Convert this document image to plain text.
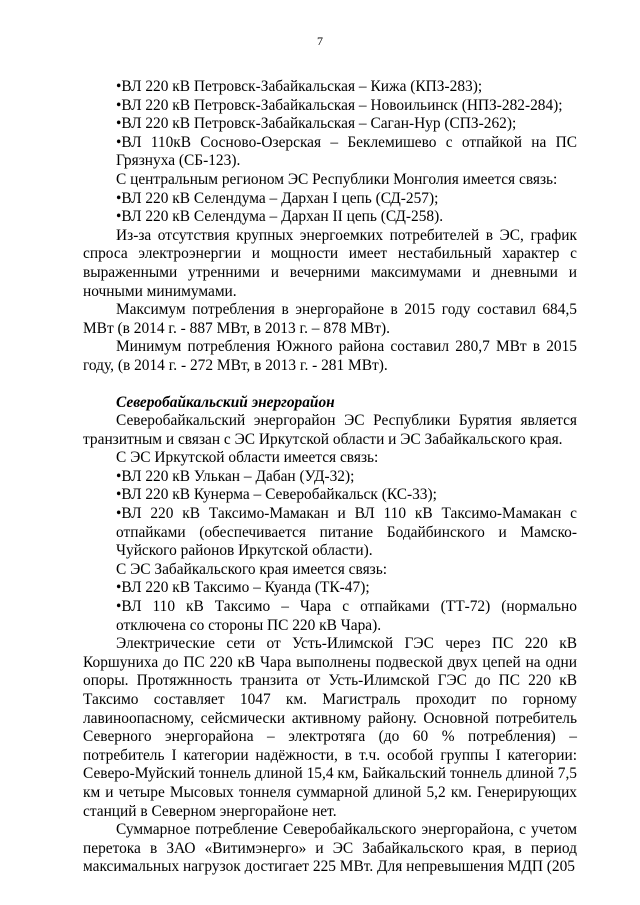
7
•ВЛ 220 кВ Петровск-Забайкальская – Кижа (КПЗ-283);
•ВЛ 220 кВ Петровск-Забайкальская – Новоильинск (НПЗ-282-284);
•ВЛ 220 кВ Петровск-Забайкальская – Саган-Нур (СПЗ-262);
•ВЛ 110кВ Сосново-Озерская – Беклемишево с отпайкой на ПС Грязнуха (СБ-123).
С центральным регионом ЭС Республики Монголия имеется связь:
•ВЛ 220 кВ Селендума – Дархан I цепь (СД-257);
•ВЛ 220 кВ Селендума – Дархан II цепь (СД-258).
Из-за отсутствия крупных энергоемких потребителей в ЭС, график спроса электроэнергии и мощности имеет нестабильный характер с выраженными утренними и вечерними максимумами и дневными и ночными минимумами.
Максимум потребления в энергорайоне в 2015 году составил 684,5 МВт (в 2014 г. - 887 МВт, в 2013 г. – 878 МВт).
Минимум потребления Южного района составил 280,7 МВт в 2015 году, (в 2014 г. - 272 МВт, в 2013 г. - 281 МВт).
Северобайкальский энергорайон
Северобайкальский энергорайон ЭС Республики Бурятия является транзитным и связан с ЭС Иркутской области и ЭС Забайкальского края.
С ЭС Иркутской области имеется связь:
•ВЛ 220 кВ Улькан – Дабан (УД-32);
•ВЛ 220 кВ Кунерма – Северобайкальск (КС-33);
•ВЛ 220 кВ Таксимо-Мамакан и ВЛ 110 кВ Таксимо-Мамакан с отпайками (обеспечивается питание Бодайбинского и Мамско-Чуйского районов Иркутской области).
С ЭС Забайкальского края имеется связь:
•ВЛ 220 кВ Таксимо – Куанда (ТК-47);
•ВЛ 110 кВ Таксимо – Чара с отпайками (ТТ-72) (нормально отключена со стороны ПС 220 кВ Чара).
Электрические сети от Усть-Илимской ГЭС через ПС 220 кВ Коршуниха до ПС 220 кВ Чара выполнены подвеской двух цепей на одни опоры. Протяжнность транзита от Усть-Илимской ГЭС до ПС 220 кВ Таксимо составляет 1047 км. Магистраль проходит по горному лавиноопасному, сейсмически активному району. Основной потребитель Северного энергорайона – электротяга (до 60 % потребления) – потребитель I категории надёжности, в т.ч. особой группы I категории: Северо-Муйский тоннель длиной 15,4 км, Байкальский тоннель длиной 7,5 км и четыре Мысовых тоннеля суммарной длиной 5,2 км. Генерирующих станций в Северном энергорайоне нет.
Суммарное потребление Северобайкальского энергорайона, с учетом перетока в ЗАО «Витимэнерго» и ЭС Забайкальского края, в период максимальных нагрузок достигает 225 МВт. Для непревышения МДП (205
